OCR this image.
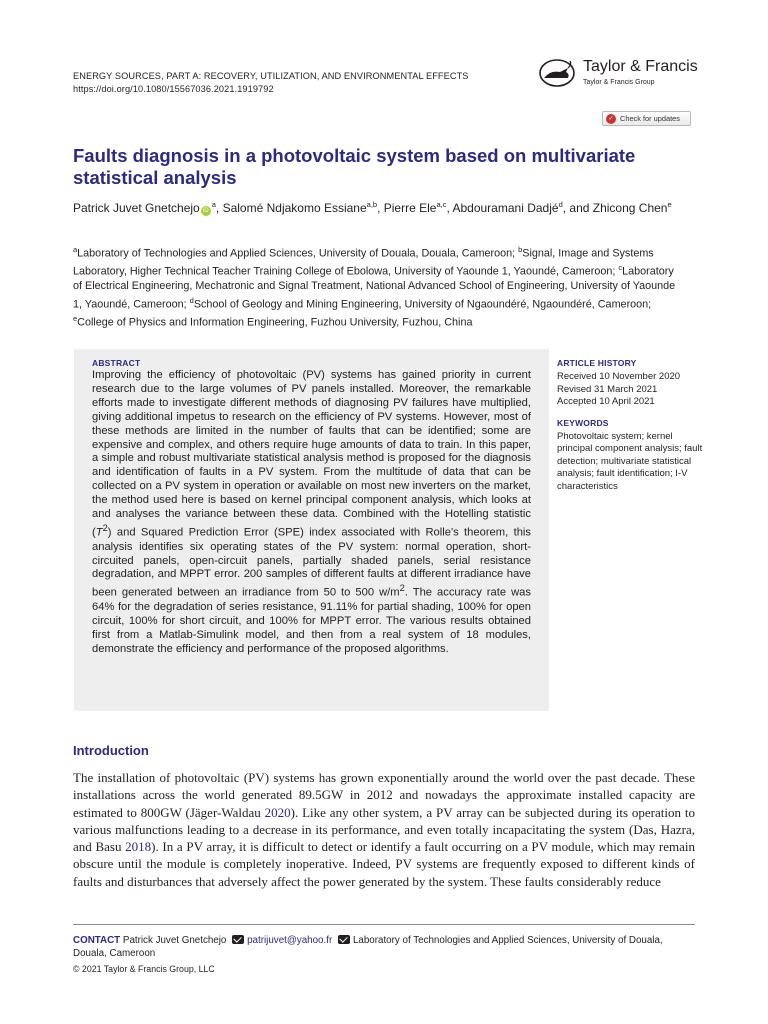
ENERGY SOURCES, PART A: RECOVERY, UTILIZATION, AND ENVIRONMENTAL EFFECTS
https://doi.org/10.1080/15567036.2021.1919792
Taylor & Francis
Taylor & Francis Group
✓ Check for updates
Faults diagnosis in a photovoltaic system based on multivariate statistical analysis
Patrick Juvet Gnetchejo $iD^a$, Salomé Ndjakomo Essiane$^{a,b}$, Pierre Ele$^{a,c}$, Abdouramani Dadjé$^d$, and Zhicong Chen$^e$
$^a$Laboratory of Technologies and Applied Sciences, University of Douala, Douala, Cameroon; $^b$Signal, Image and Systems Laboratory, Higher Technical Teacher Training College of Ebolowa, University of Yaounde 1, Yaoundé, Cameroon; $^c$Laboratory of Electrical Engineering, Mechatronic and Signal Treatment, National Advanced School of Engineering, University of Yaounde 1, Yaoundé, Cameroon; $^d$School of Geology and Mining Engineering, University of Ngaoundéré, Ngaoundéré, Cameroon; $^e$College of Physics and Information Engineering, Fuzhou University, Fuzhou, China
ABSTRACT
Improving the efficiency of photovoltaic (PV) systems has gained priority in current research due to the large volumes of PV panels installed. Moreover, the remarkable efforts made to investigate different methods of diagnosing PV failures have multiplied, giving additional impetus to research on the efficiency of PV systems. However, most of these methods are limited in the number of faults that can be identified; some are expensive and complex, and others require huge amounts of data to train. In this paper, a simple and robust multivariate statistical analysis method is proposed for the diagnosis and identification of faults in a PV system. From the multitude of data that can be collected on a PV system in operation or available on most new inverters on the market, the method used here is based on kernel principal component analysis, which looks at and analyses the variance between these data. Combined with the Hotelling statistic $(T^2)$ and Squared Prediction Error (SPE) index associated with Rolle's theorem, this analysis identifies six operating states of the PV system: normal operation, short-circuited panels, open-circuit panels, partially shaded panels, serial resistance degradation, and MPPT error. 200 samples of different faults at different irradiance have been generated between an irradiance from 50 to 500 $w/m^2$. The accuracy rate was 64% for the degradation of series resistance, 91.11% for partial shading, 100% for open circuit, 100% for short circuit, and 100% for MPPT error. The various results obtained first from a Matlab-Simulink model, and then from a real system of 18 modules, demonstrate the efficiency and performance of the proposed algorithms.
ARTICLE HISTORY
Received 10 November 2020
Revised 31 March 2021
Accepted 10 April 2021
KEYWORDS
Photovoltaic system; kernel principal component analysis; fault detection; multivariate statistical analysis; fault identification; I-V characteristics
Introduction

The installation of photovoltaic (PV) systems has grown exponentially around the world over the past decade. These installations across the world generated 89.5GW in 2012 and nowadays the approximate installed capacity are estimated to 800GW (Jäger-Waldau 2020). Like any other system, a PV array can be subjected during its operation to various malfunctions leading to a decrease in its performance, and even totally incapacitating the system (Das, Hazra, and Basu 2018). In a PV array, it is difficult to detect or identify a fault occurring on a PV module, which may remain obscure until the module is completely inoperative. Indeed, PV systems are frequently exposed to different kinds of faults and disturbances that adversely affect the power generated by the system. These faults considerably reduce

CONTACT Patrick Juvet Gnetchejo patrijuvet@yahoo.fr Laboratory of Technologies and Applied Sciences, University of Douala, Douala, Cameroon
© 2021 Taylor & Francis Group, LLC
